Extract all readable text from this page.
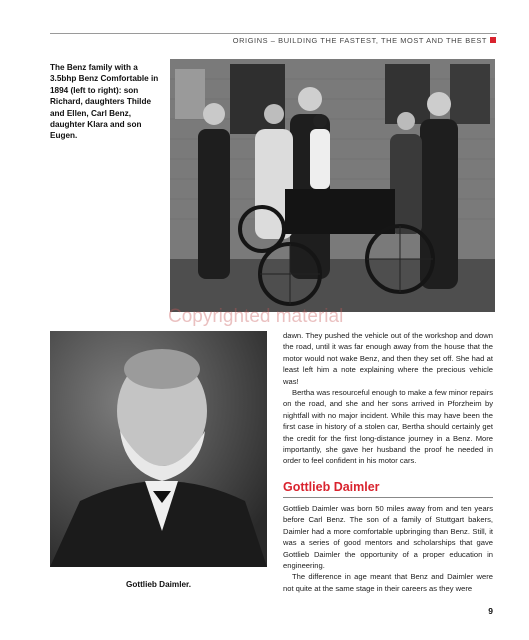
ORIGINS – BUILDING THE FASTEST, THE MOST AND THE BEST
The Benz family with a 3.5bhp Benz Comfortable in 1894 (left to right): son Richard, daughters Thilde and Ellen, Carl Benz, daughter Klara and son Eugen.
Copyrighted material
Gottlieb Daimler.

dawn. They pushed the vehicle out of the workshop and down the road, until it was far enough away from the house that the motor would not wake Benz, and then they set off. She had at least left him a note explaining where the precious vehicle was!

Bertha was resourceful enough to make a few minor repairs on the road, and she and her sons arrived in Pforzheim by nightfall with no major incident. While this may have been the first case in history of a stolen car, Bertha should certainly get the credit for the first long-distance journey in a Benz. More importantly, she gave her husband the proof he needed in order to feel confident in his motor cars.

Gottlieb Daimler

Gottlieb Daimler was born 50 miles away from and ten years before Carl Benz. The son of a family of Stuttgart bakers, Daimler had a more comfortable upbringing than Benz. Still, it was a series of good mentors and scholarships that gave Gottlieb Daimler the opportunity of a proper education in engineering.

The difference in age meant that Benz and Daimler were not quite at the same stage in their careers as they were

9
